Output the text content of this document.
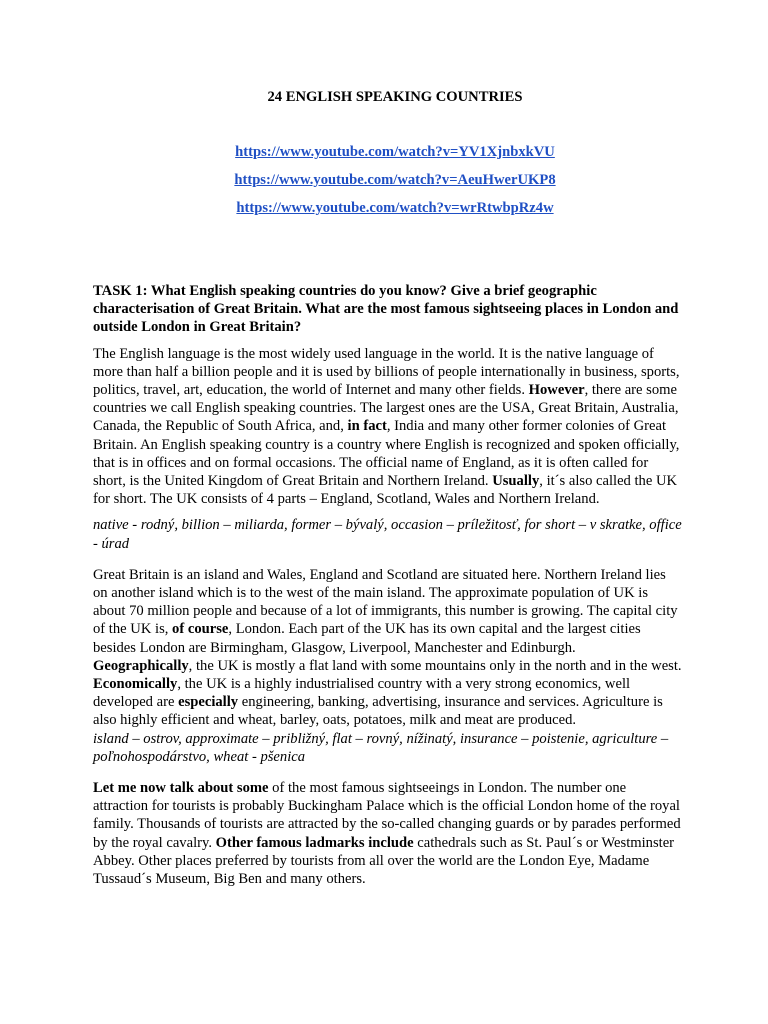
24 ENGLISH SPEAKING COUNTRIES
https://www.youtube.com/watch?v=YV1XjnbxkVU
https://www.youtube.com/watch?v=AeuHwerUKP8
https://www.youtube.com/watch?v=wrRtwbpRz4w

TASK 1: What English speaking countries do you know? Give a brief geographic characterisation of Great Britain. What are the most famous sightseeing places in London and outside London in Great Britain?

The English language is the most widely used language in the world. It is the native language of more than half a billion people and it is used by billions of people internationally in business, sports, politics, travel, art, education, the world of Internet and many other fields. However, there are some countries we call English speaking countries. The largest ones are the USA, Great Britain, Australia, Canada, the Republic of South Africa, and, in fact, India and many other former colonies of Great Britain. An English speaking country is a country where English is recognized and spoken officially, that is in offices and on formal occasions. The official name of England, as it is often called for short, is the United Kingdom of Great Britain and Northern Ireland. Usually, it´s also called the UK for short. The UK consists of 4 parts – England, Scotland, Wales and Northern Ireland.

native - rodný, billion – miliarda, former – bývalý, occasion – príležitosť, for short – v skratke, office - úrad

Great Britain is an island and Wales, England and Scotland are situated here. Northern Ireland lies on another island which is to the west of the main island. The approximate population of UK is about 70 million people and because of a lot of immigrants, this number is growing. The capital city of the UK is, of course, London. Each part of the UK has its own capital and the largest cities besides London are Birmingham, Glasgow, Liverpool, Manchester and Edinburgh.

Geographically, the UK is mostly a flat land with some mountains only in the north and in the west. Economically, the UK is a highly industrialised country with a very strong economics, well developed are especially engineering, banking, advertising, insurance and services. Agriculture is also highly efficient and wheat, barley, oats, potatoes, milk and meat are produced.

island – ostrov, approximate – približný, flat – rovný, nížinatý, insurance – poistenie, agriculture – poľnohospodárstvo, wheat - pšenica

Let me now talk about some of the most famous sightseeings in London. The number one attraction for tourists is probably Buckingham Palace which is the official London home of the royal family. Thousands of tourists are attracted by the so-called changing guards or by parades performed by the royal cavalry. Other famous ladmarks include cathedrals such as St. Paul´s or Westminster Abbey. Other places preferred by tourists from all over the world are the London Eye, Madame Tussaud´s Museum, Big Ben and many others.
